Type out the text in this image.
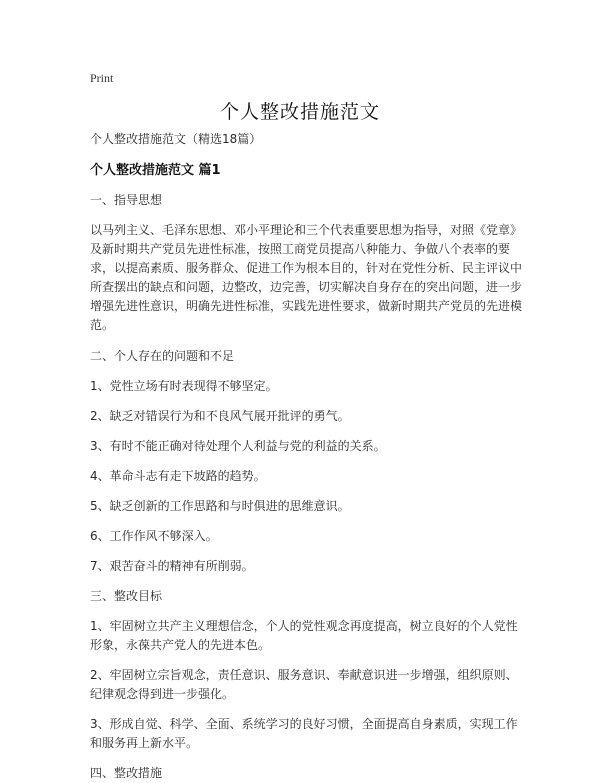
Print
个人整改措施范文

个人整改措施范文（精选18篇）

个人整改措施范文 篇1

一、指导思想

以马列主义、毛泽东思想、邓小平理论和三个代表重要思想为指导，对照《党章》及新时期共产党员先进性标准，按照工商党员提高八种能力、争做八个表率的要求，以提高素质、服务群众、促进工作为根本目的，针对在党性分析、民主评议中所查摆出的缺点和问题，边整改，边完善，切实解决自身存在的突出问题，进一步增强先进性意识，明确先进性标准，实践先进性要求，做新时期共产党员的先进模范。

二、个人存在的问题和不足

1、党性立场有时表现得不够坚定。

2、缺乏对错误行为和不良风气展开批评的勇气。

3、有时不能正确对待处理个人利益与党的利益的关系。

4、革命斗志有走下坡路的趋势。

5、缺乏创新的工作思路和与时俱进的思维意识。

6、工作作风不够深入。

7、艰苦奋斗的精神有所削弱。

三、整改目标

1、牢固树立共产主义理想信念，个人的党性观念再度提高，树立良好的个人党性形象，永葆共产党人的先进本色。

2、牢固树立宗旨观念，责任意识、服务意识、奉献意识进一步增强，组织原则、纪律观念得到进一步强化。

3、形成自觉、科学、全面、系统学习的良好习惯，全面提高自身素质，实现工作和服务再上新水平。

四、整改措施
